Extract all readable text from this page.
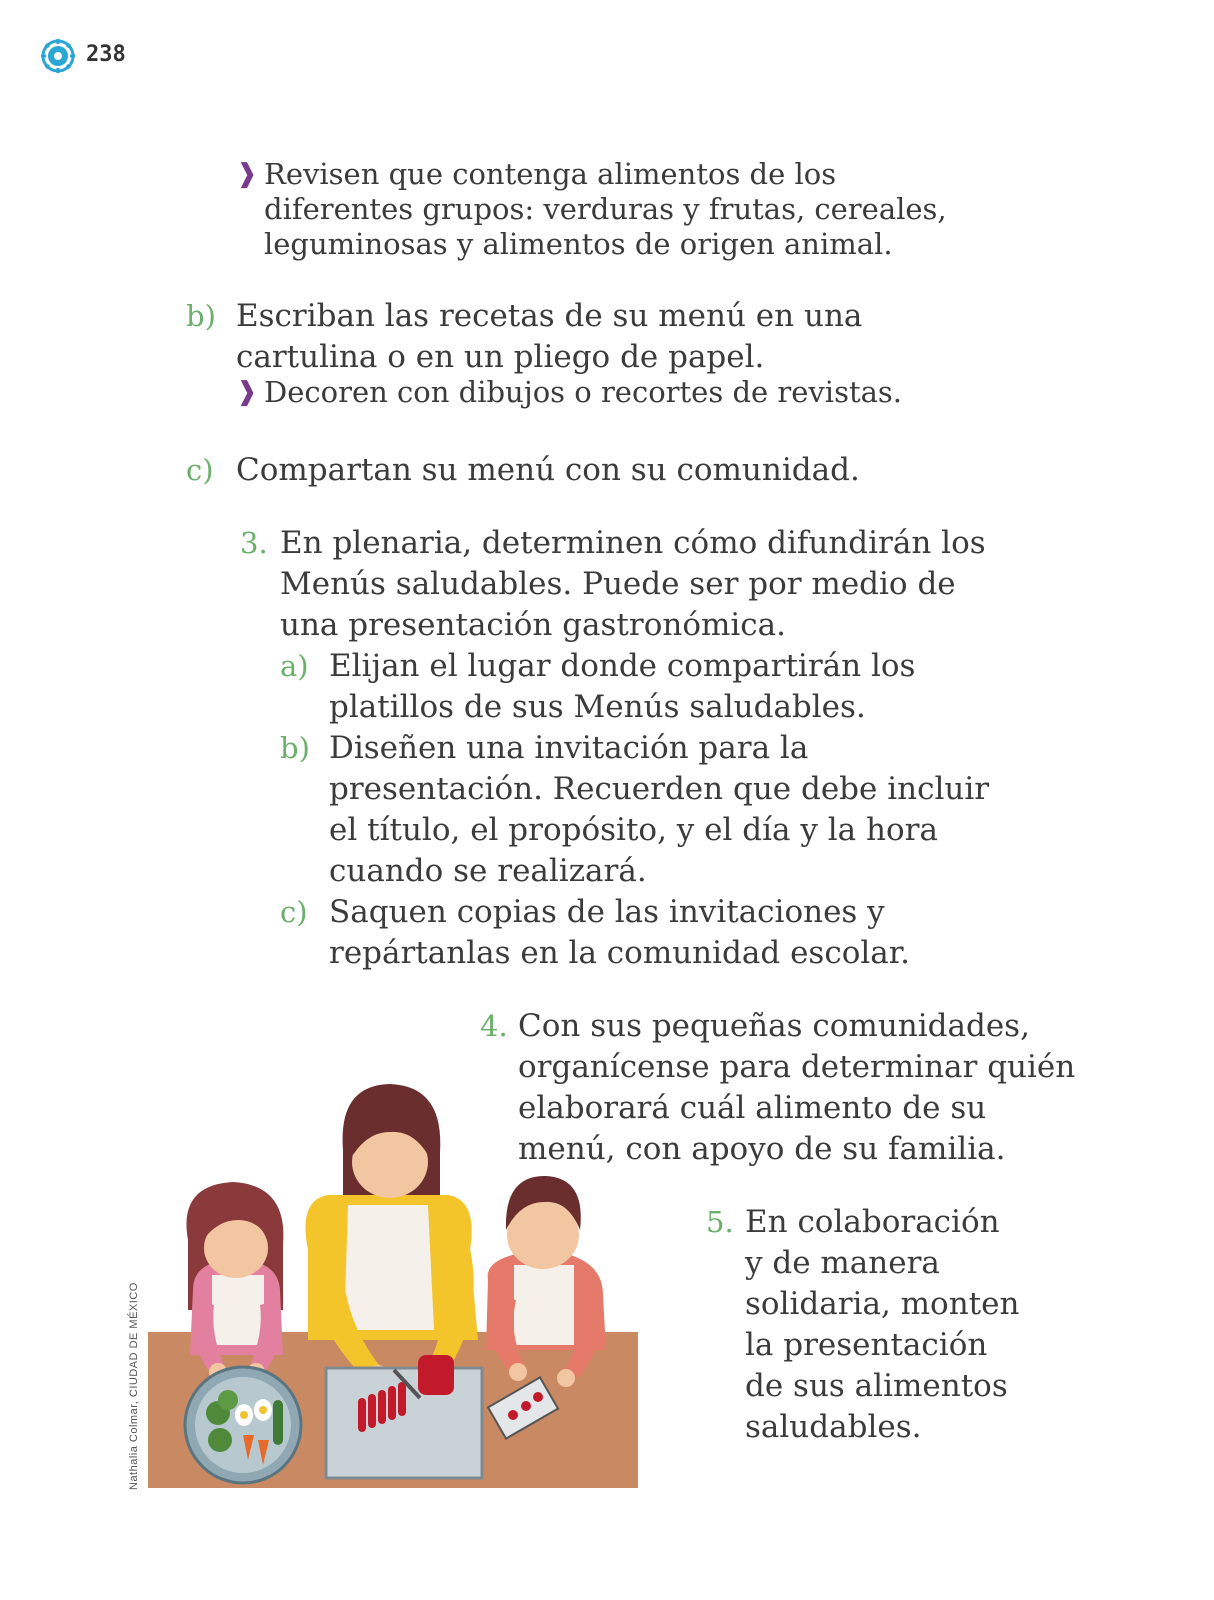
238
❱ Revisen que contenga alimentos de los
diferentes grupos: verduras y frutas, cereales,
leguminosas y alimentos de origen animal.
b) Escriban las recetas de su menú en una
cartulina o en un pliego de papel.
❱ Decoren con dibujos o recortes de revistas.
c) Compartan su menú con su comunidad.
3. En plenaria, determinen cómo difundirán los
Menús saludables. Puede ser por medio de
una presentación gastronómica.
a) Elijan el lugar donde compartirán los
platillos de sus Menús saludables.
b) Diseñen una invitación para la
presentación. Recuerden que debe incluir
el título, el propósito, y el día y la hora
cuando se realizará.
c) Saquen copias de las invitaciones y
repártanlas en la comunidad escolar.
4. Con sus pequeñas comunidades,
organícense para determinar quién
elaborará cuál alimento de su
menú, con apoyo de su familia.
5. En colaboración
y de manera
solidaria, monten
la presentación
de sus alimentos
saludables.
Nathalia Colmar, CIUDAD DE MÉXICO
